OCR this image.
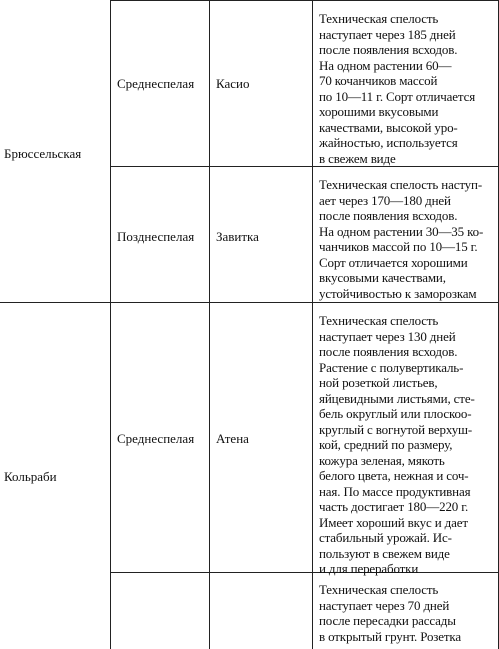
Брюссельская
Среднеспелая Касио
Техническая спелость
наступает через 185 дней
после появления всходов.
На одном растении 60—
70 кочанчиков массой
по 10—11 г. Сорт отличается
хорошими вкусовыми
качествами, высокой уро-
жайностью, используется
в свежем виде
Позднеспелая Завитка
Техническая спелость наступ-
ает через 170—180 дней
после появления всходов.
На одном растении 30—35 ко-
чанчиков массой по 10—15 г.
Сорт отличается хорошими
вкусовыми качествами,
устойчивостью к заморозкам
Кольраби
Среднеспелая Атена
Техническая спелость
наступает через 130 дней
после появления всходов.
Растение с полувертикаль-
ной розеткой листьев,
яйцевидными листьями, сте-
бель округлый или плоскоо-
круглый с вогнутой верхуш-
кой, средний по размеру,
кожура зеленая, мякоть
белого цвета, нежная и соч-
ная. По массе продуктивная
часть достигает 180—220 г.
Имеет хороший вкус и дает
стабильный урожай. Ис-
пользуют в свежем виде
и для переработки
Техническая спелость
наступает через 70 дней
после пересадки рассады
в открытый грунт. Розетка
